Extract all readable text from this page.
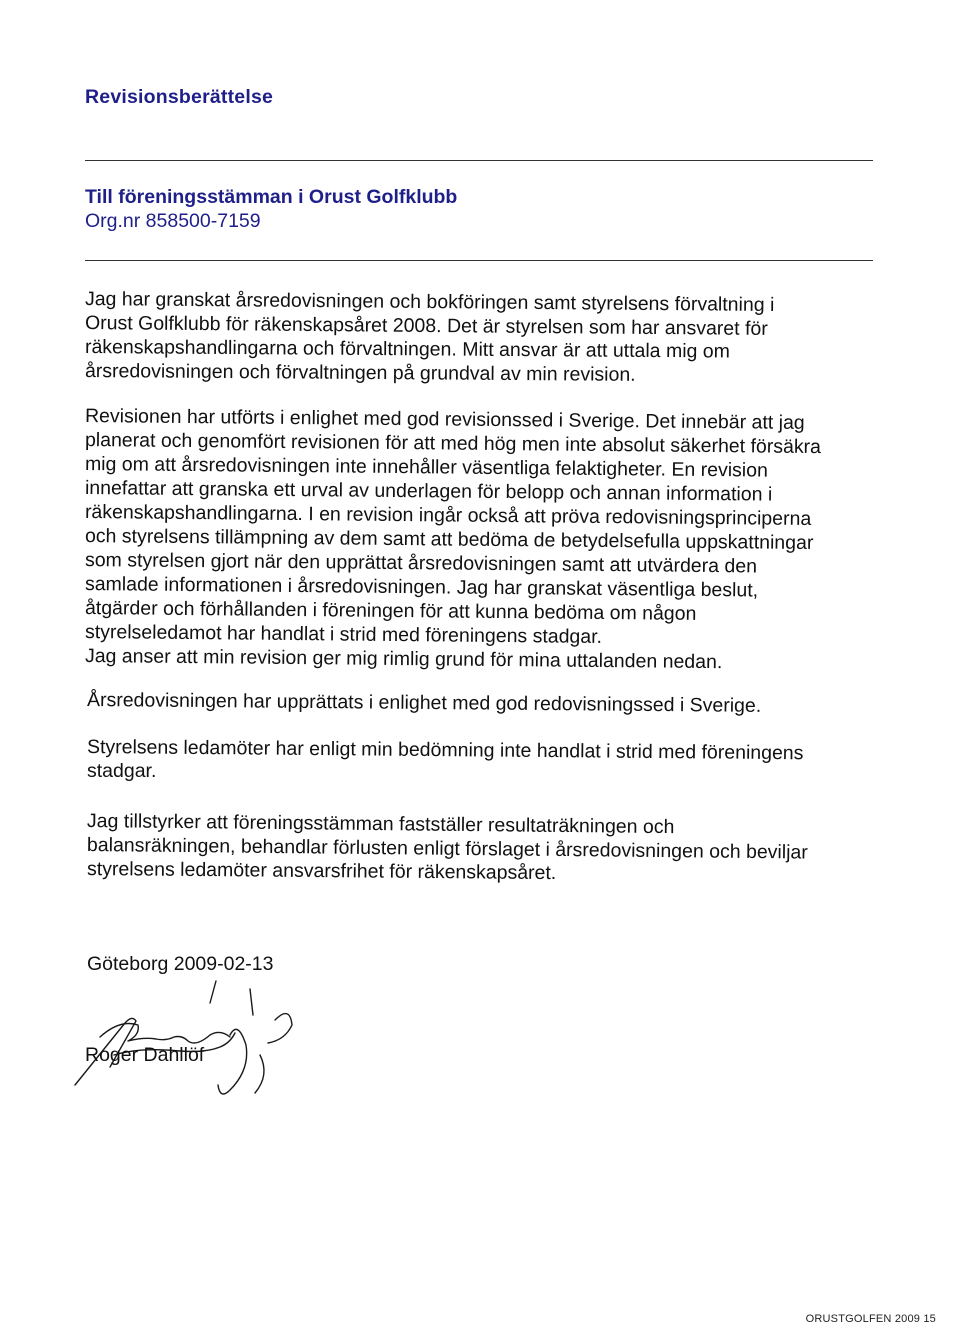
Revisionsberättelse
Till föreningsstämman i Orust Golfklubb
Org.nr 858500-7159
Jag har granskat årsredovisningen och bokföringen samt styrelsens förvaltning i
Orust Golfklubb för räkenskapsåret 2008. Det är styrelsen som har ansvaret för
räkenskapshandlingarna och förvaltningen. Mitt ansvar är att uttala mig om
årsredovisningen och förvaltningen på grundval av min revision.
Revisionen har utförts i enlighet med god revisionssed i Sverige. Det innebär att jag
planerat och genomfört revisionen för att med hög men inte absolut säkerhet försäkra
mig om att årsredovisningen inte innehåller väsentliga felaktigheter. En revision
innefattar att granska ett urval av underlagen för belopp och annan information i
räkenskapshandlingarna. I en revision ingår också att pröva redovisningsprinciperna
och styrelsens tillämpning av dem samt att bedöma de betydelsefulla uppskattningar
som styrelsen gjort när den upprättat årsredovisningen samt att utvärdera den
samlade informationen i årsredovisningen. Jag har granskat väsentliga beslut,
åtgärder och förhållanden i föreningen för att kunna bedöma om någon
styrelseledamot har handlat i strid med föreningens stadgar.
Jag anser att min revision ger mig rimlig grund för mina uttalanden nedan.
Årsredovisningen har upprättats i enlighet med god redovisningssed i Sverige.
Styrelsens ledamöter har enligt min bedömning inte handlat i strid med föreningens
stadgar.
Jag tillstyrker att föreningsstämman fastställer resultaträkningen och
balansräkningen, behandlar förlusten enligt förslaget i årsredovisningen och beviljar
styrelsens ledamöter ansvarsfrihet för räkenskapsåret.
Göteborg 2009-02-13
Roger Dahllöf
ORUSTGOLFEN 2009 15
